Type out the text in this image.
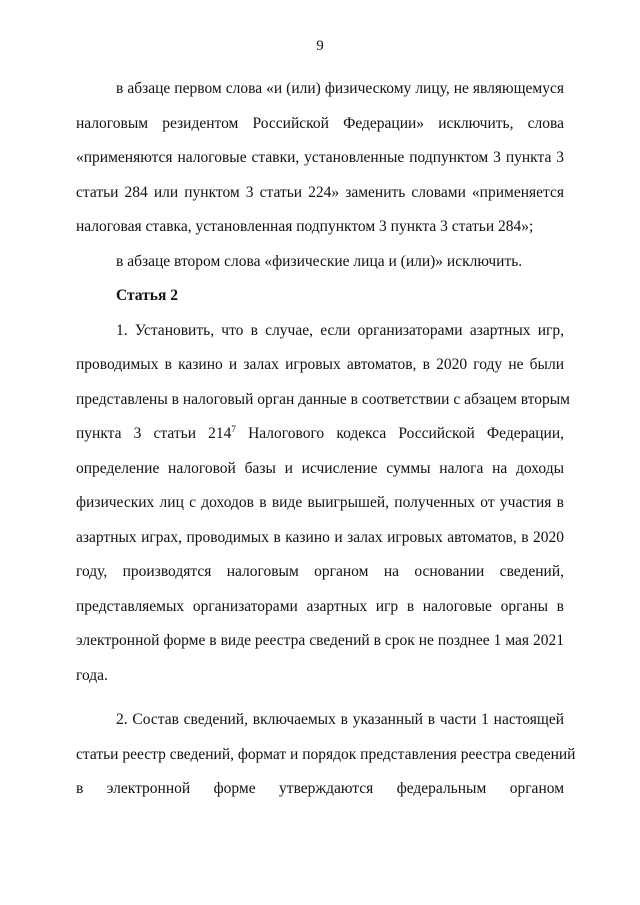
9
в абзаце первом слова «и (или) физическому лицу, не являющемуся
налоговым резидентом Российской Федерации» исключить, слова
«применяются налоговые ставки, установленные подпунктом 3 пункта 3
статьи 284 или пунктом 3 статьи 224» заменить словами «применяется
налоговая ставка, установленная подпунктом 3 пункта 3 статьи 284»;
в абзаце втором слова «физические лица и (или)» исключить.
Статья 2
1. Установить, что в случае, если организаторами азартных игр,
проводимых в казино и залах игровых автоматов, в 2020 году не были
представлены в налоговый орган данные в соответствии с абзацем вторым
пункта 3 статьи $214^7$ Налогового кодекса Российской Федерации,
определение налоговой базы и исчисление суммы налога на доходы
физических лиц с доходов в виде выигрышей, полученных от участия в
азартных играх, проводимых в казино и залах игровых автоматов, в 2020
году, производятся налоговым органом на основании сведений,
представляемых организаторами азартных игр в налоговые органы в
электронной форме в виде реестра сведений в срок не позднее 1 мая 2021
года.
2. Состав сведений, включаемых в указанный в части 1 настоящей
статьи реестр сведений, формат и порядок представления реестра сведений
в электронной форме утверждаются федеральным органом
